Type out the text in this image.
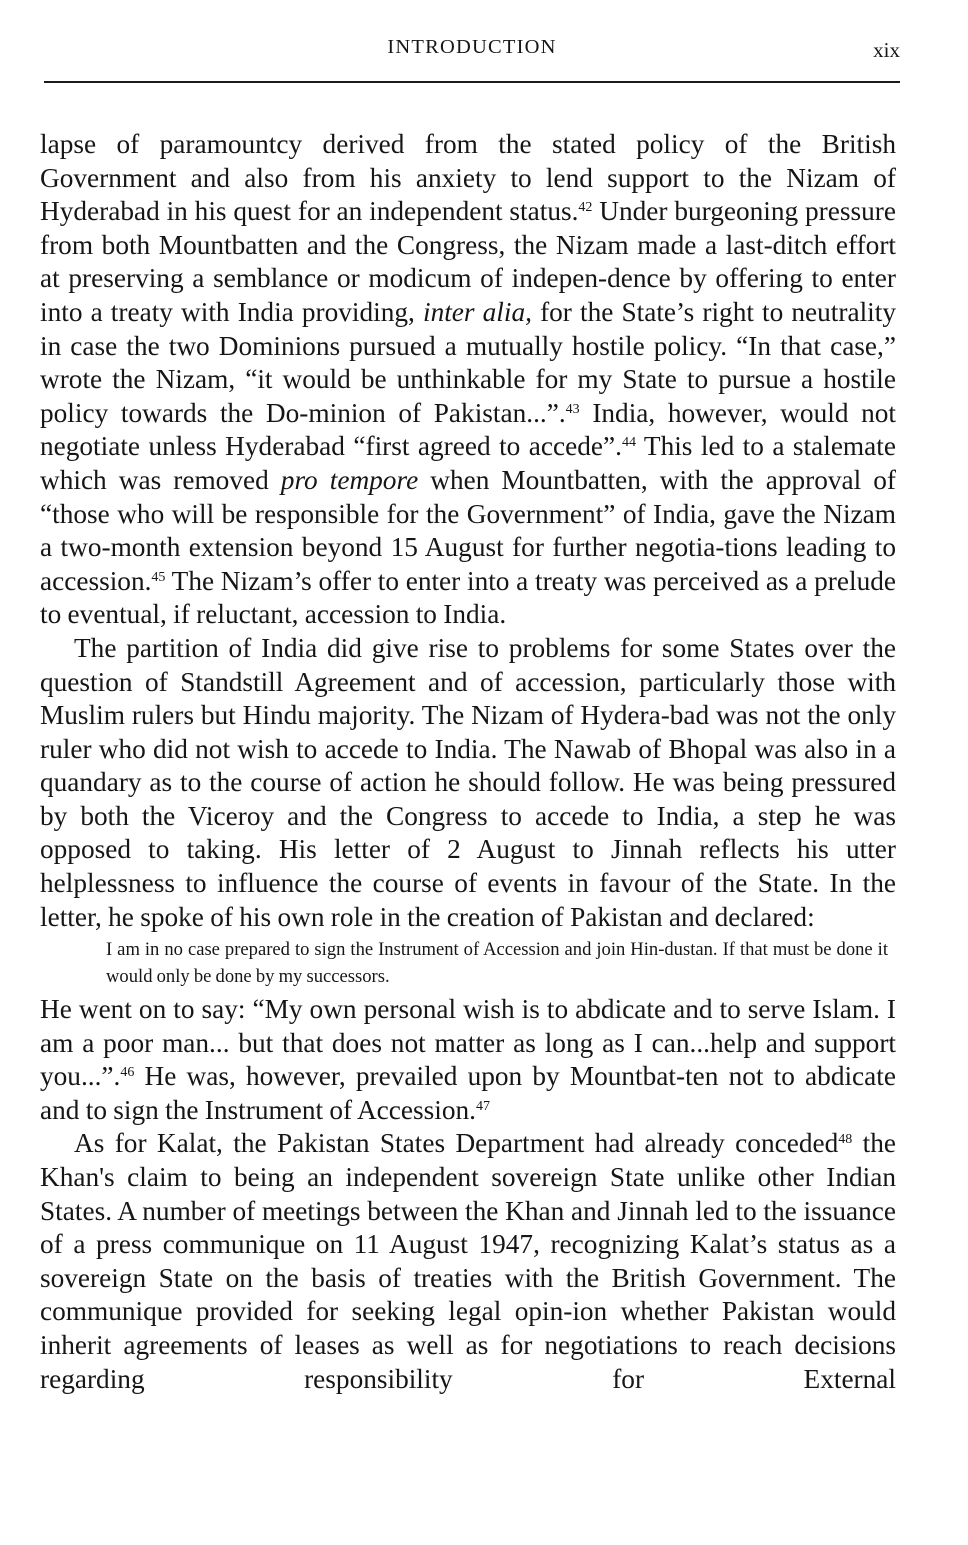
INTRODUCTION	xix

lapse of paramountcy derived from the stated policy of the British Government and also from his anxiety to lend support to the Nizam of Hyderabad in his quest for an independent status.$^{42}$ Under burgeoning pressure from both Mountbatten and the Congress, the Nizam made a last-ditch effort at preserving a semblance or modicum of indepen-dence by offering to enter into a treaty with India providing, inter alia, for the State’s right to neutrality in case the two Dominions pursued a mutually hostile policy. “In that case,” wrote the Nizam, “it would be unthinkable for my State to pursue a hostile policy towards the Do-minion of Pakistan...”.$^{43}$ India, however, would not negotiate unless Hyderabad “first agreed to accede”.$^{44}$ This led to a stalemate which was removed pro tempore when Mountbatten, with the approval of “those who will be responsible for the Government” of India, gave the Nizam a two-month extension beyond 15 August for further negotia-tions leading to accession.$^{45}$ The Nizam’s offer to enter into a treaty was perceived as a prelude to eventual, if reluctant, accession to India.

The partition of India did give rise to problems for some States over the question of Standstill Agreement and of accession, particularly those with Muslim rulers but Hindu majority. The Nizam of Hydera-bad was not the only ruler who did not wish to accede to India. The Nawab of Bhopal was also in a quandary as to the course of action he should follow. He was being pressured by both the Viceroy and the Congress to accede to India, a step he was opposed to taking. His letter of 2 August to Jinnah reflects his utter helplessness to influence the course of events in favour of the State. In the letter, he spoke of his own role in the creation of Pakistan and declared:

I am in no case prepared to sign the Instrument of Accession and join Hin-dustan. If that must be done it would only be done by my successors.

He went on to say: “My own personal wish is to abdicate and to serve Islam. I am a poor man... but that does not matter as long as I can...help and support you...”.$^{46}$ He was, however, prevailed upon by Mountbat-ten not to abdicate and to sign the Instrument of Accession.$^{47}$

As for Kalat, the Pakistan States Department had already conceded$^{48}$ the Khan's claim to being an independent sovereign State unlike other Indian States. A number of meetings between the Khan and Jinnah led to the issuance of a press communique on 11 August 1947, recognizing Kalat’s status as a sovereign State on the basis of treaties with the British Government. The communique provided for seeking legal opin-ion whether Pakistan would inherit agreements of leases as well as for negotiations to reach decisions regarding responsibility for External
